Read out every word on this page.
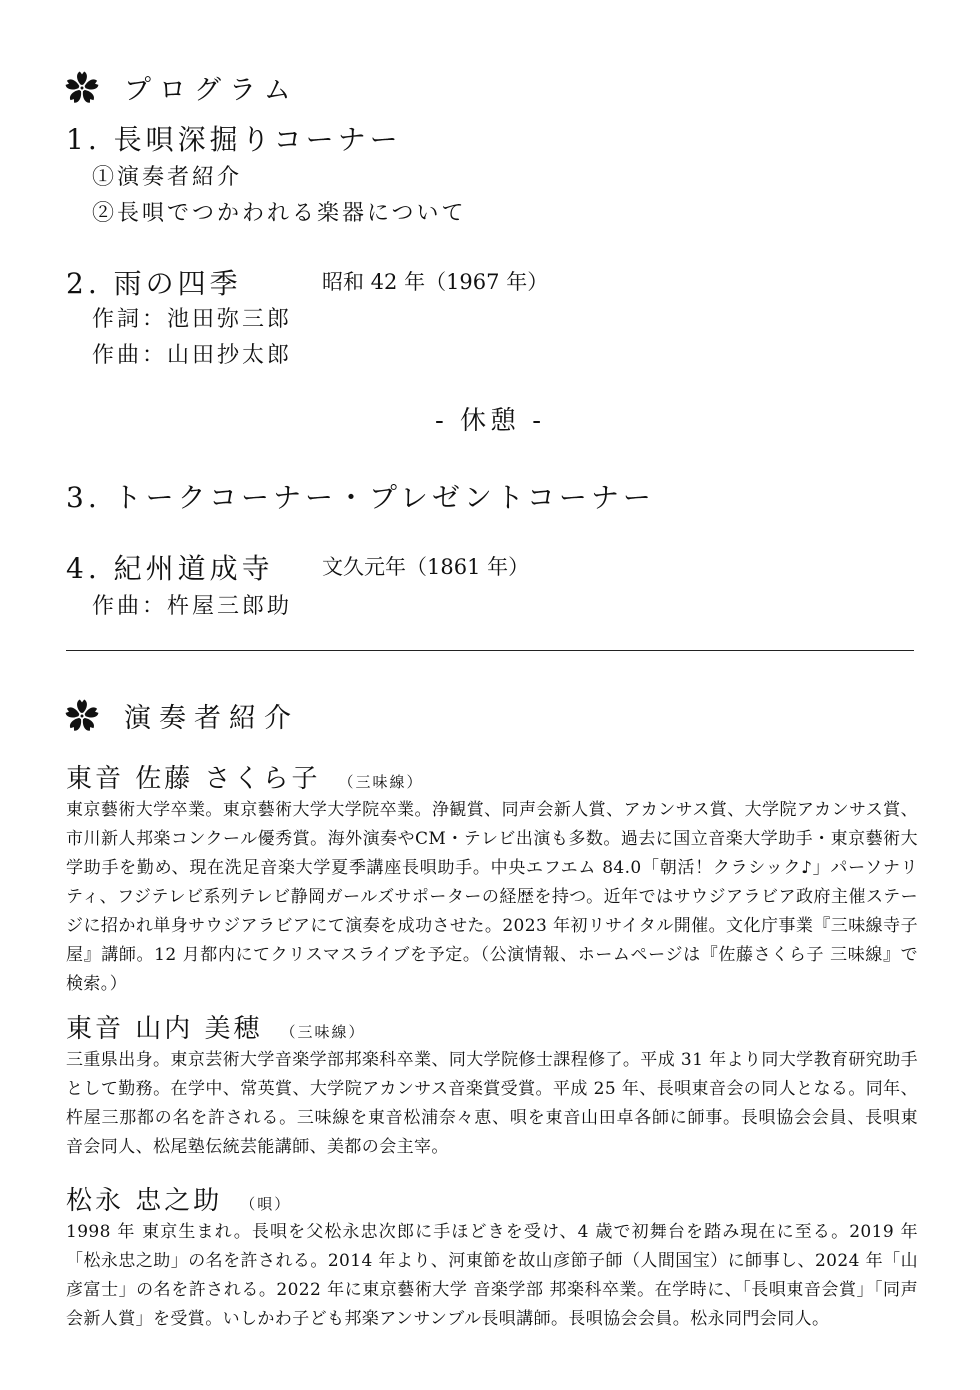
プログラム
1. 長唄深掘りコーナー
①演奏者紹介
②長唄でつかわれる楽器について
2. 雨の四季	昭和 42 年（1967 年）
作詞：池田弥三郎
作曲：山田抄太郎
- 休憩 -
3. トークコーナー・プレゼントコーナー
4. 紀州道成寺 文久元年（1861 年）
作曲：杵屋三郎助
演奏者紹介
東音 佐藤 さくら子 （三味線）
東京藝術大学卒業。東京藝術大学大学院卒業。浄観賞、同声会新人賞、アカンサス賞、大学院アカンサス賞、市川新人邦楽コンクール優秀賞。海外演奏やCM・テレビ出演も多数。過去に国立音楽大学助手・東京藝術大学助手を勤め、現在洗足音楽大学夏季講座長唄助手。中央エフエム 84.0「朝活！クラシック♪」パーソナリティ、フジテレビ系列テレビ静岡ガールズサポーターの経歴を持つ。近年ではサウジアラビア政府主催ステージに招かれ単身サウジアラビアにて演奏を成功させた。2023 年初リサイタル開催。文化庁事業『三味線寺子屋』講師。12 月都内にてクリスマスライブを予定。（公演情報、ホームページは『佐藤さくら子 三味線』で検索。）
東音 山内 美穂 （三味線）
三重県出身。東京芸術大学音楽学部邦楽科卒業、同大学院修士課程修了。平成 31 年より同大学教育研究助手として勤務。在学中、常英賞、大学院アカンサス音楽賞受賞。平成 25 年、長唄東音会の同人となる。同年、杵屋三那都の名を許される。三味線を東音松浦奈々恵、唄を東音山田卓各師に師事。長唄協会会員、長唄東音会同人、松尾塾伝統芸能講師、美都の会主宰。
松永 忠之助 （唄）
1998 年 東京生まれ。長唄を父松永忠次郎に手ほどきを受け、4 歳で初舞台を踏み現在に至る。2019 年「松永忠之助」の名を許される。2014 年より、河東節を故山彦節子師（人間国宝）に師事し、2024 年「山彦富士」の名を許される。2022 年に東京藝術大学 音楽学部 邦楽科卒業。在学時に、「長唄東音会賞」「同声会新人賞」を受賞。いしかわ子ども邦楽アンサンブル長唄講師。長唄協会会員。松永同門会同人。
